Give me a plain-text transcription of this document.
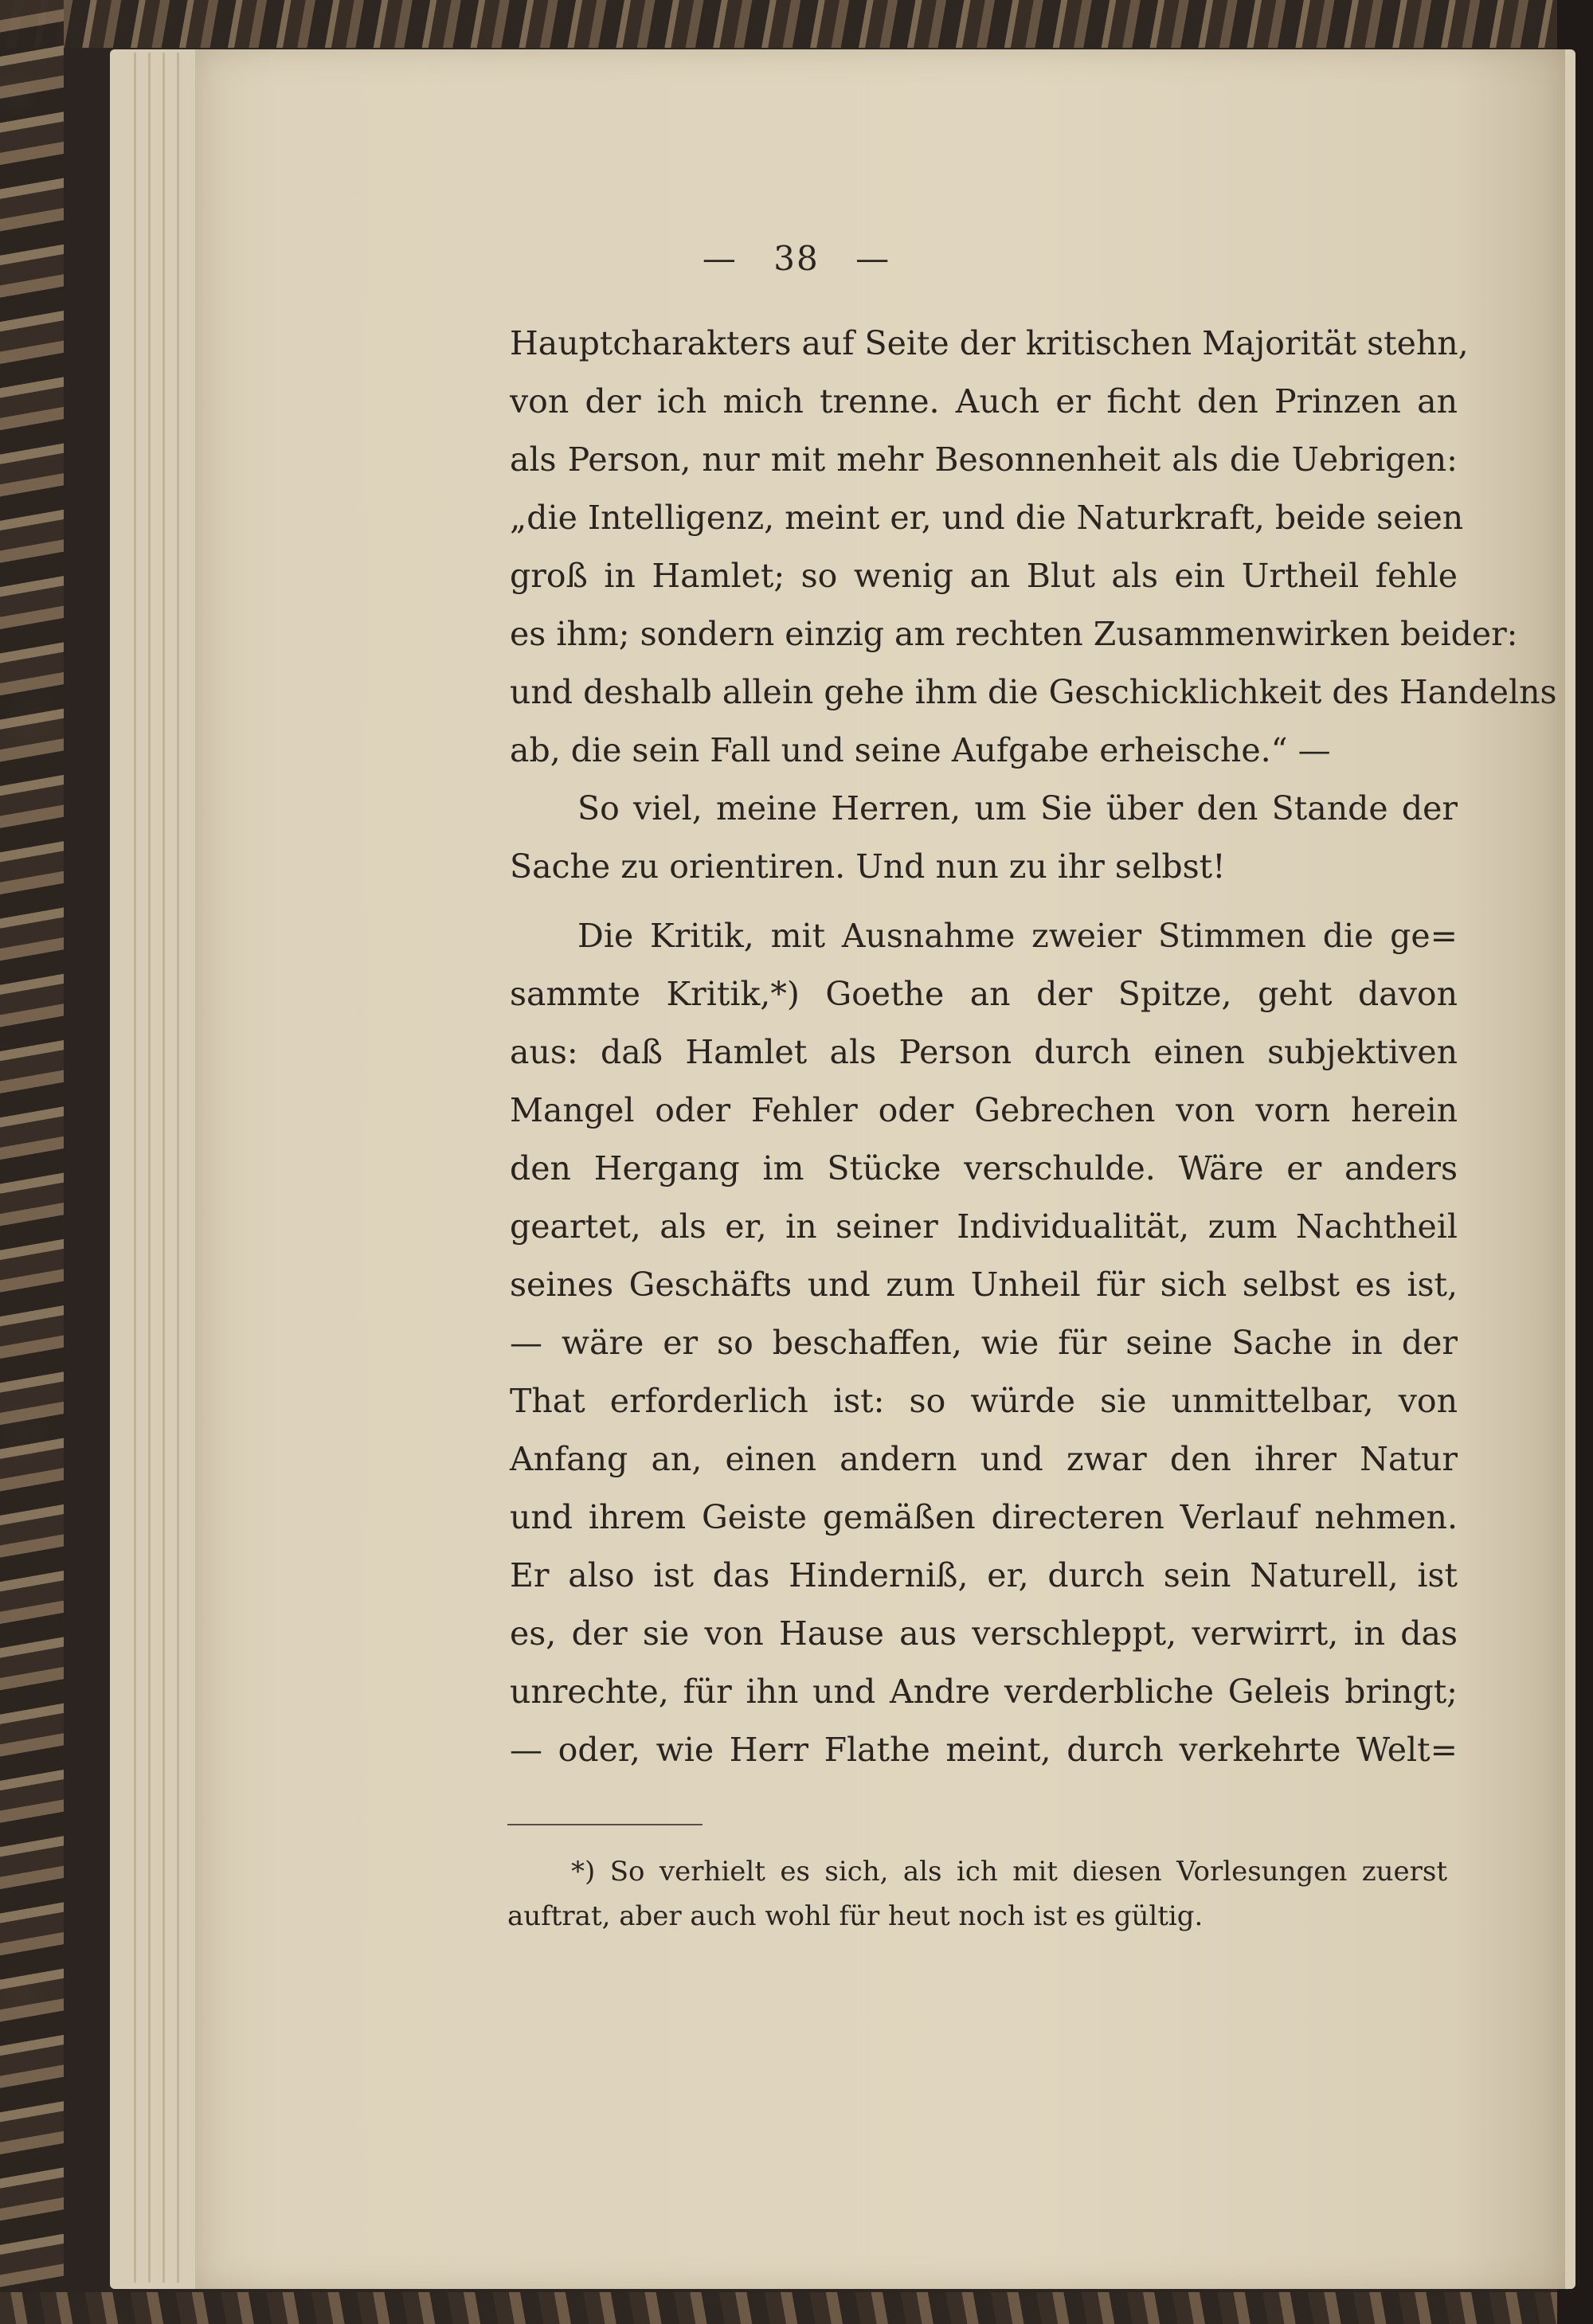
— 38 —
Hauptcharakters auf Seite der kritischen Majorität stehn,
von der ich mich trenne. Auch er ficht den Prinzen an
als Person, nur mit mehr Besonnenheit als die Uebrigen:
„die Intelligenz, meint er, und die Naturkraft, beide seien
groß in Hamlet; so wenig an Blut als ein Urtheil fehle
es ihm; sondern einzig am rechten Zusammenwirken beider:
und deshalb allein gehe ihm die Geschicklichkeit des Handelns
ab, die sein Fall und seine Aufgabe erheische.“ —
So viel, meine Herren, um Sie über den Stande der
Sache zu orientiren. Und nun zu ihr selbst!
Die Kritik, mit Ausnahme zweier Stimmen die ge=
sammte Kritik,*) Goethe an der Spitze, geht davon
aus: daß Hamlet als Person durch einen subjektiven
Mangel oder Fehler oder Gebrechen von vorn herein
den Hergang im Stücke verschulde. Wäre er anders
geartet, als er, in seiner Individualität, zum Nachtheil
seines Geschäfts und zum Unheil für sich selbst es ist,
— wäre er so beschaffen, wie für seine Sache in der
That erforderlich ist: so würde sie unmittelbar, von
Anfang an, einen andern und zwar den ihrer Natur
und ihrem Geiste gemäßen directeren Verlauf nehmen.
Er also ist das Hinderniß, er, durch sein Naturell, ist
es, der sie von Hause aus verschleppt, verwirrt, in das
unrechte, für ihn und Andre verderbliche Geleis bringt;
— oder, wie Herr Flathe meint, durch verkehrte Welt=
*) So verhielt es sich, als ich mit diesen Vorlesungen zuerst
auftrat, aber auch wohl für heut noch ist es gültig.
